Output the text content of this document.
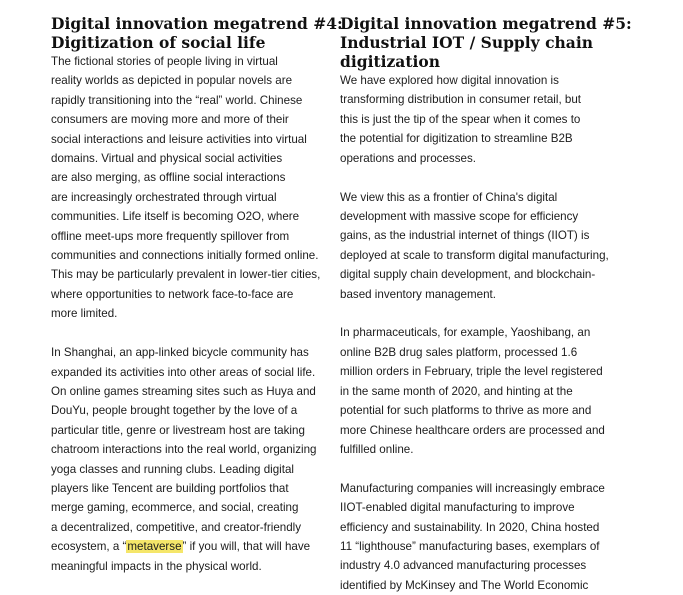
Digital innovation megatrend #4:
Digitization of social life
The fictional stories of people living in virtual
reality worlds as depicted in popular novels are
rapidly transitioning into the “real” world. Chinese
consumers are moving more and more of their
social interactions and leisure activities into virtual
domains. Virtual and physical social activities
are also merging, as offline social interactions
are increasingly orchestrated through virtual
communities. Life itself is becoming O2O, where
offline meet-ups more frequently spillover from
communities and connections initially formed online.
This may be particularly prevalent in lower-tier cities,
where opportunities to network face-to-face are
more limited.
In Shanghai, an app-linked bicycle community has
expanded its activities into other areas of social life.
On online games streaming sites such as Huya and
DouYu, people brought together by the love of a
particular title, genre or livestream host are taking
chatroom interactions into the real world, organizing
yoga classes and running clubs. Leading digital
players like Tencent are building portfolios that
merge gaming, ecommerce, and social, creating
a decentralized, competitive, and creator-friendly
ecosystem, a “metaverse” if you will, that will have
meaningful impacts in the physical world.
Digital innovation megatrend #5:
Industrial IOT / Supply chain
digitization
We have explored how digital innovation is
transforming distribution in consumer retail, but
this is just the tip of the spear when it comes to
the potential for digitization to streamline B2B
operations and processes.
We view this as a frontier of China's digital
development with massive scope for efficiency
gains, as the industrial internet of things (IIOT) is
deployed at scale to transform digital manufacturing,
digital supply chain development, and blockchain-
based inventory management.
In pharmaceuticals, for example, Yaoshibang, an
online B2B drug sales platform, processed 1.6
million orders in February, triple the level registered
in the same month of 2020, and hinting at the
potential for such platforms to thrive as more and
more Chinese healthcare orders are processed and
fulfilled online.
Manufacturing companies will increasingly embrace
IIOT-enabled digital manufacturing to improve
efficiency and sustainability. In 2020, China hosted
11 “lighthouse” manufacturing bases, exemplars of
industry 4.0 advanced manufacturing processes
identified by McKinsey and The World Economic
